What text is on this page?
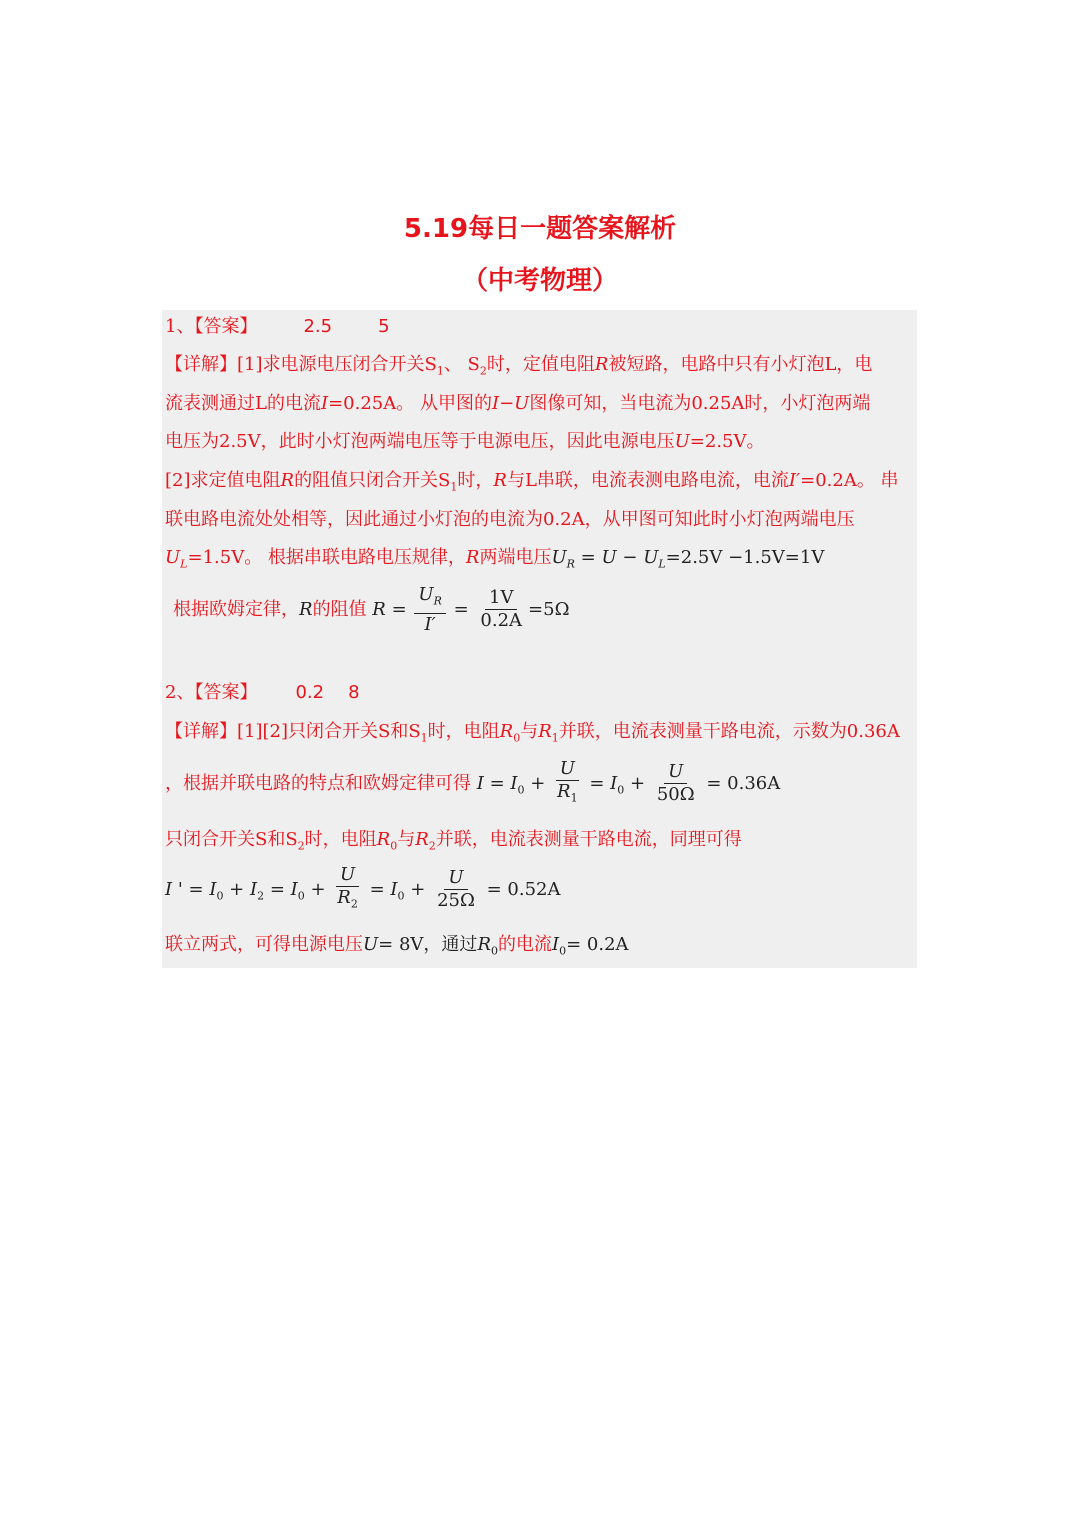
5.19每日一题答案解析
（中考物理）
1、【答案】	2.5	5
【详解】[1]求电源电压闭合开关$S_1$、 $S_2$时，定值电阻R被短路，电路中只有小灯泡L，电
流表测通过L的电流I=0.25A。 从甲图的I−U图像可知，当电流为0.25A时，小灯泡两端
电压为2.5V，此时小灯泡两端电压等于电源电压，因此电源电压U=2.5V。
[2]求定值电阻R的阻值只闭合开关$S_1$时，R与L串联，电流表测电路电流，电流I′=0.2A。 串
联电路电流处处相等，因此通过小灯泡的电流为0.2A，从甲图可知此时小灯泡两端电压
$U_L=1.5V$。 根据串联电路电压规律，R两端电压$U_R = U - U_L=2.5V -1.5V=1V$
根据欧姆定律，R的阻值 $R = \frac{U_R}{I'} = \frac{1V}{0.2A} =5\Omega$
2、【答案】 0.2 8
【详解】[1][2]只闭合开关S和$S_1$时，电阻$R_0$与$R_1$并联，电流表测量干路电流，示数为0.36A
，根据并联电路的特点和欧姆定律可得 $I = I_0 + \frac{U}{R_1} = I_0 + \frac{U}{50\Omega} = 0.36A$
只闭合开关S和$S_2$时，电阻$R_0$与$R_2$并联，电流表测量干路电流，同理可得
I ' = $I_0 + I_2 = I_0 + \frac{U}{R_2} = I_0 + \frac{U}{25\Omega} = 0.52A$
联立两式，可得电源电压U= 8V，通过$R_0$的电流$I_0= 0.2A$
